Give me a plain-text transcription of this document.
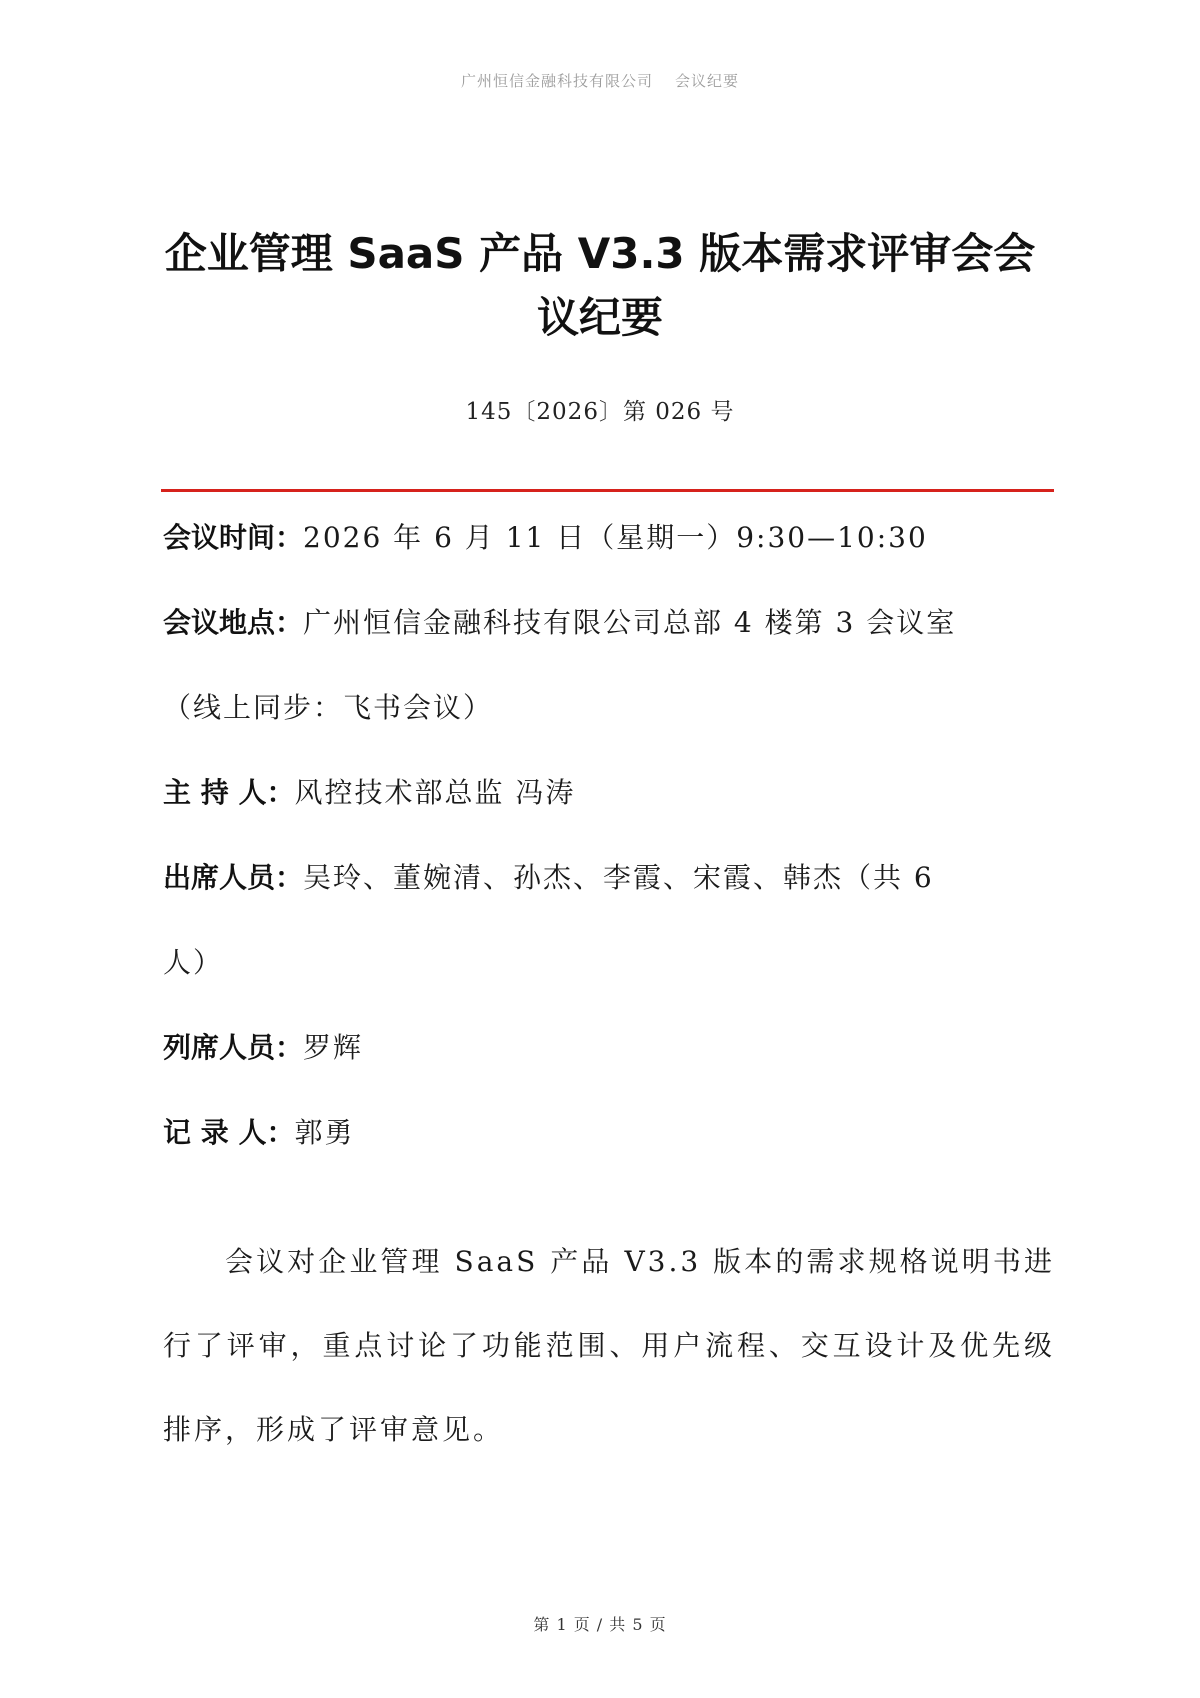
广州恒信金融科技有限公司 会议纪要
企业管理 SaaS 产品 V3.3 版本需求评审会会议纪要
145〔2026〕第 026 号
会议时间：2026 年 6 月 11 日（星期一）9:30—10:30
会议地点：广州恒信金融科技有限公司总部 4 楼第 3 会议室
（线上同步：飞书会议）
主 持 人：风控技术部总监 冯涛
出席人员：吴玲、董婉清、孙杰、李霞、宋霞、韩杰（共 6
人）
列席人员：罗辉
记 录 人：郭勇
会议对企业管理 SaaS 产品 V3.3 版本的需求规格说明书进行了评审，重点讨论了功能范围、用户流程、交互设计及优先级排序，形成了评审意见。
第 1 页 / 共 5 页
